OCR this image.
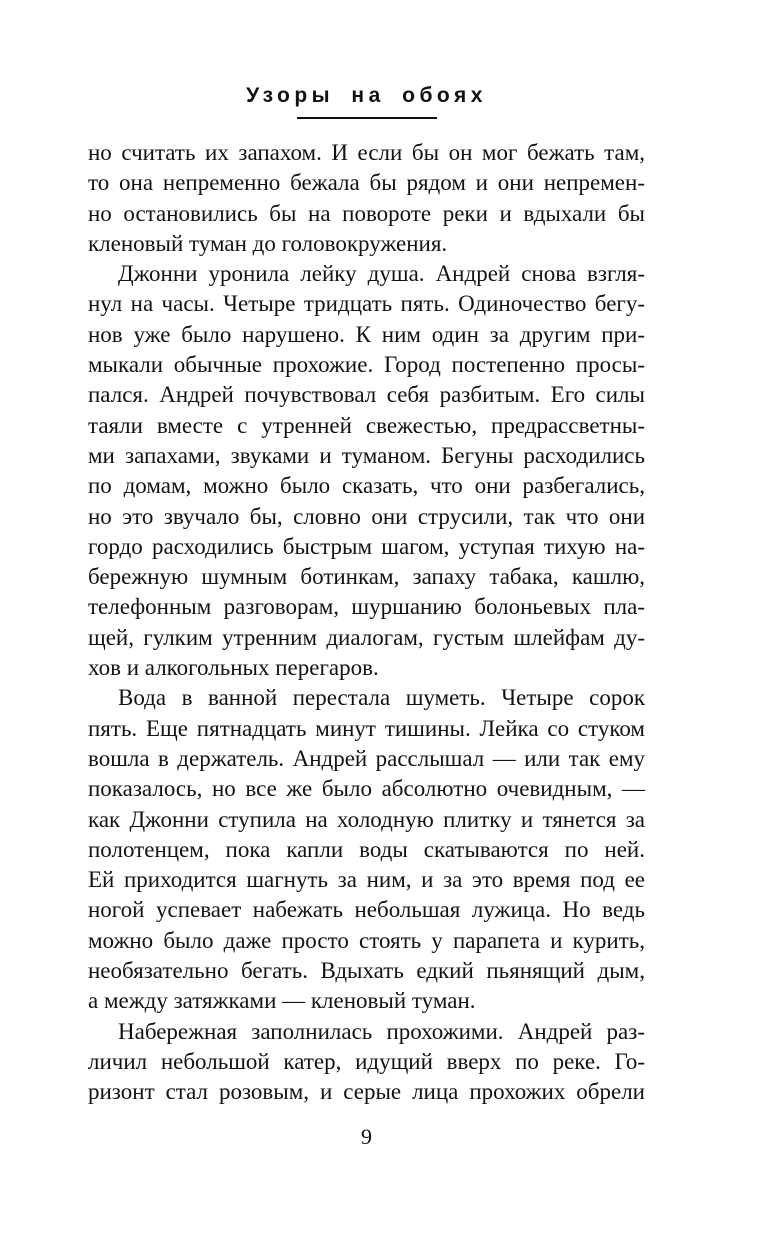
Узоры на обоях
но считать их запахом. И если бы он мог бежать там,
то она непременно бежала бы рядом и они непремен-
но остановились бы на повороте реки и вдыхали бы
кленовый туман до головокружения.
Джонни уронила лейку душа. Андрей снова взгля-
нул на часы. Четыре тридцать пять. Одиночество бегу-
нов уже было нарушено. К ним один за другим при-
мыкали обычные прохожие. Город постепенно просы-
пался. Андрей почувствовал себя разбитым. Его силы
таяли вместе с утренней свежестью, предрассветны-
ми запахами, звуками и туманом. Бегуны расходились
по домам, можно было сказать, что они разбегались,
но это звучало бы, словно они струсили, так что они
гордо расходились быстрым шагом, уступая тихую на-
бережную шумным ботинкам, запаху табака, кашлю,
телефонным разговорам, шуршанию болоньевых пла-
щей, гулким утренним диалогам, густым шлейфам ду-
хов и алкогольных перегаров.
Вода в ванной перестала шуметь. Четыре сорок
пять. Еще пятнадцать минут тишины. Лейка со стуком
вошла в держатель. Андрей расслышал — или так ему
показалось, но все же было абсолютно очевидным, —
как Джонни ступила на холодную плитку и тянется за
полотенцем, пока капли воды скатываются по ней.
Ей приходится шагнуть за ним, и за это время под ее
ногой успевает набежать небольшая лужица. Но ведь
можно было даже просто стоять у парапета и курить,
необязательно бегать. Вдыхать едкий пьянящий дым,
а между затяжками — кленовый туман.
Набережная заполнилась прохожими. Андрей раз-
личил небольшой катер, идущий вверх по реке. Го-
ризонт стал розовым, и серые лица прохожих обрели
9
